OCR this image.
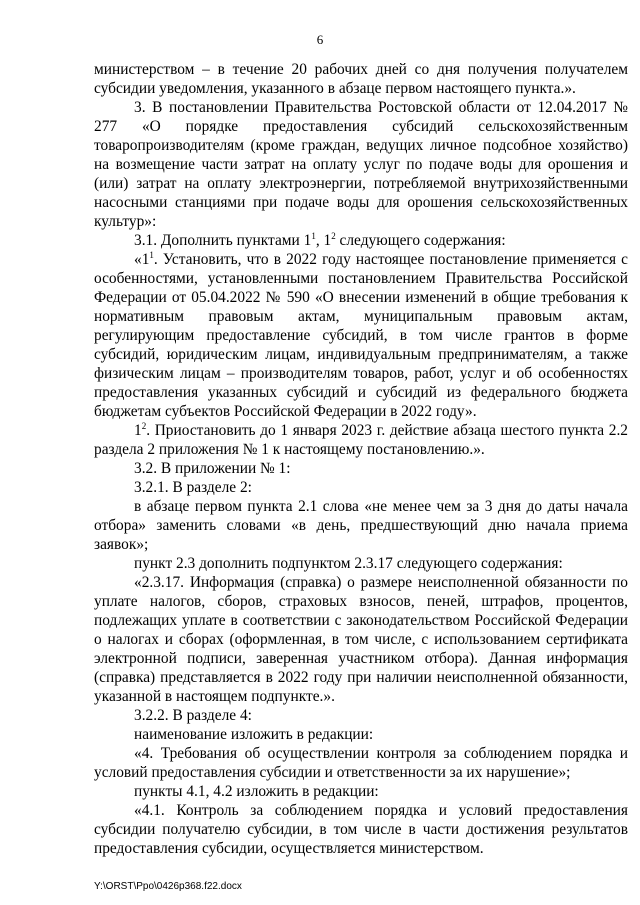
6

министерством – в течение 20 рабочих дней со дня получения получателем субсидии уведомления, указанного в абзаце первом настоящего пункта.».

3. В постановлении Правительства Ростовской области от 12.04.2017 № 277 «О порядке предоставления субсидий сельскохозяйственным товаропроизводителям (кроме граждан, ведущих личное подсобное хозяйство) на возмещение части затрат на оплату услуг по подаче воды для орошения и (или) затрат на оплату электроэнергии, потребляемой внутрихозяйственными насосными станциями при подаче воды для орошения сельскохозяйственных культур»:

3.1. Дополнить пунктами $1^1$, $1^2$ следующего содержания:

«$1^1$. Установить, что в 2022 году настоящее постановление применяется с особенностями, установленными постановлением Правительства Российской Федерации от 05.04.2022 № 590 «О внесении изменений в общие требования к нормативным правовым актам, муниципальным правовым актам, регулирующим предоставление субсидий, в том числе грантов в форме субсидий, юридическим лицам, индивидуальным предпринимателям, а также физическим лицам – производителям товаров, работ, услуг и об особенностях предоставления указанных субсидий и субсидий из федерального бюджета бюджетам субъектов Российской Федерации в 2022 году».

$1^2$. Приостановить до 1 января 2023 г. действие абзаца шестого пункта 2.2 раздела 2 приложения № 1 к настоящему постановлению.».

3.2. В приложении № 1:

3.2.1. В разделе 2:

в абзаце первом пункта 2.1 слова «не менее чем за 3 дня до даты начала отбора» заменить словами «в день, предшествующий дню начала приема заявок»;

пункт 2.3 дополнить подпунктом 2.3.17 следующего содержания:

«2.3.17. Информация (справка) о размере неисполненной обязанности по уплате налогов, сборов, страховых взносов, пеней, штрафов, процентов, подлежащих уплате в соответствии с законодательством Российской Федерации о налогах и сборах (оформленная, в том числе, с использованием сертификата электронной подписи, заверенная участником отбора). Данная информация (справка) представляется в 2022 году при наличии неисполненной обязанности, указанной в настоящем подпункте.».

3.2.2. В разделе 4:

наименование изложить в редакции:

«4. Требования об осуществлении контроля за соблюдением порядка и условий предоставления субсидии и ответственности за их нарушение»;

пункты 4.1, 4.2 изложить в редакции:

«4.1. Контроль за соблюдением порядка и условий предоставления субсидии получателю субсидии, в том числе в части достижения результатов предоставления субсидии, осуществляется министерством.

Y:\ORST\Ppo\0426p368.f22.docx
